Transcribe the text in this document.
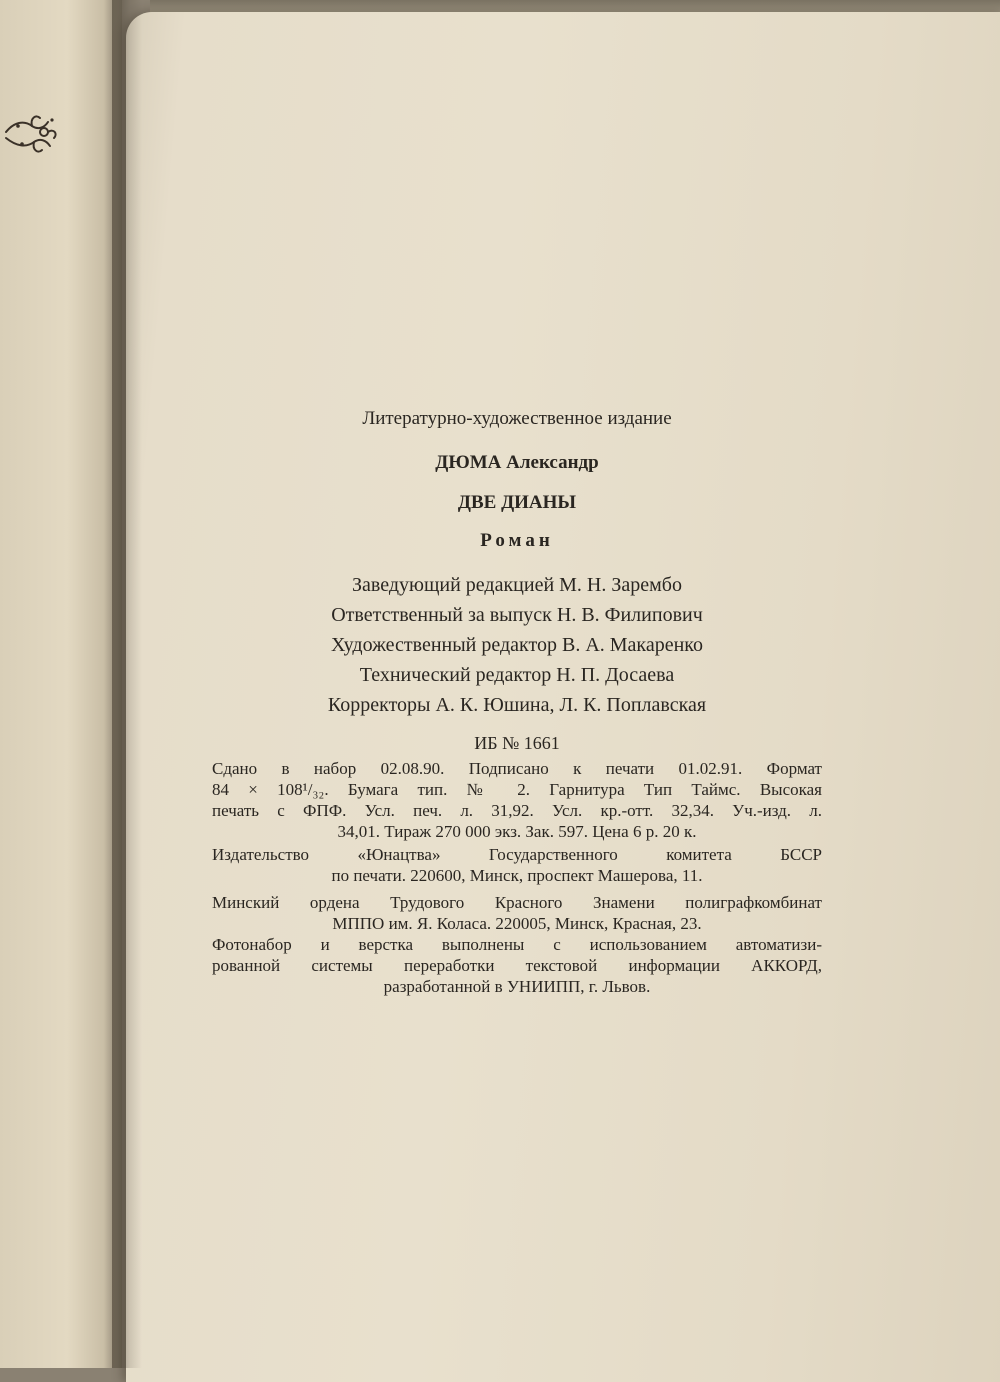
Литературно-художественное издание
ДЮМА Александр
ДВЕ ДИАНЫ
Роман
Заведующий редакцией М. Н. Зарембо
Ответственный за выпуск Н. В. Филипович
Художественный редактор В. А. Макаренко
Технический редактор Н. П. Досаева
Корректоры А. К. Юшина, Л. К. Поплавская
ИБ № 1661
Сдано в набор 02.08.90. Подписано к печати 01.02.91. Формат
84 × 108¹/₃₂. Бумага тип. № 2. Гарнитура Тип Таймс. Высокая
печать с ФПФ. Усл. печ. л. 31,92. Усл. кр.-отт. 32,34. Уч.-изд. л.
34,01. Тираж 270 000 экз. Зак. 597. Цена 6 р. 20 к.
Издательство «Юнацтва» Государственного комитета БССР
по печати. 220600, Минск, проспект Машерова, 11.
Минский ордена Трудового Красного Знамени полиграфкомбинат
МППО им. Я. Коласа. 220005, Минск, Красная, 23.
Фотонабор и верстка выполнены с использованием автоматизи-
рованной системы переработки текстовой информации АККОРД,
разработанной в УНИИПП, г. Львов.
